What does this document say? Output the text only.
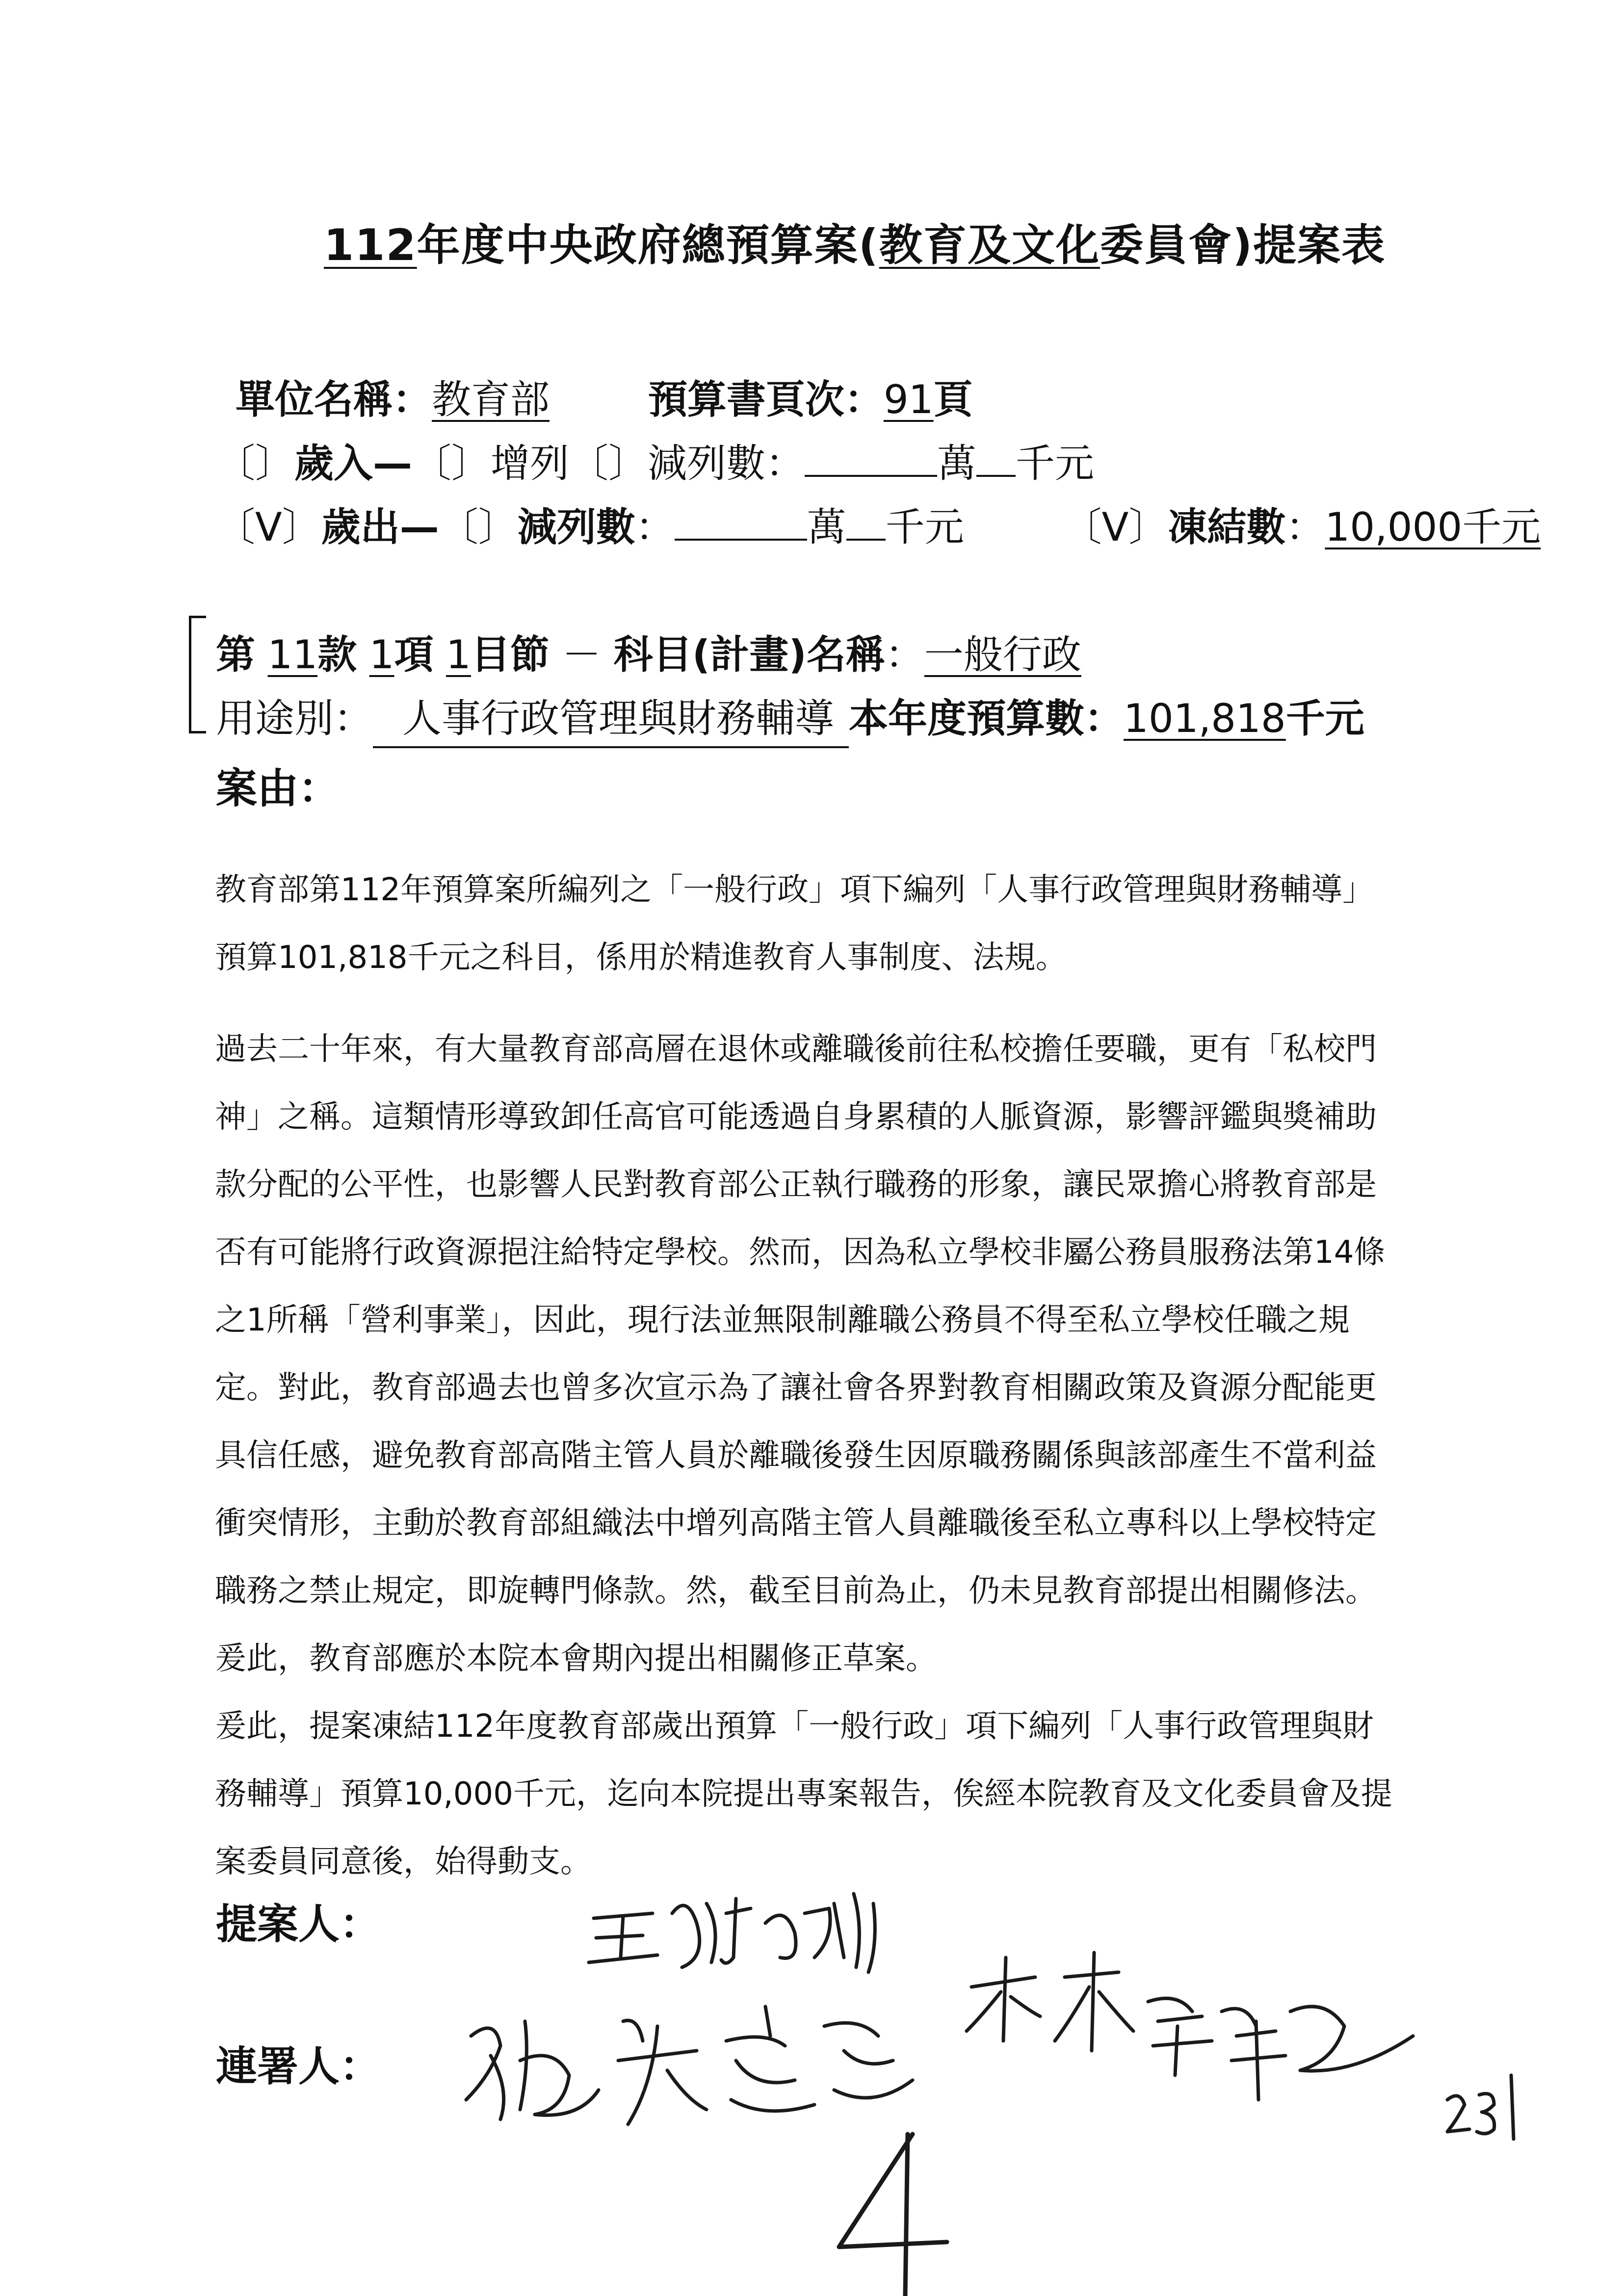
112年度中央政府總預算案(教育及文化委員會)提案表
單位名稱：教育部	預算書頁次：91頁
〔〕歲入—〔〕增列〔〕減列數：	萬 千元
〔V〕歲出—〔〕減列數：	萬 千元	〔V〕凍結數：10,000千元
第 11款 1項 1目節 － 科目(計畫)名稱：一般行政
用途別： 人事行政管理與財務輔導 本年度預算數：101,818千元
案由：
教育部第112年預算案所編列之「一般行政」項下編列「人事行政管理與財務輔導」
預算101,818千元之科目，係用於精進教育人事制度、法規。
過去二十年來，有大量教育部高層在退休或離職後前往私校擔任要職，更有「私校門
神」之稱。這類情形導致卸任高官可能透過自身累積的人脈資源，影響評鑑與獎補助
款分配的公平性，也影響人民對教育部公正執行職務的形象，讓民眾擔心將教育部是
否有可能將行政資源挹注給特定學校。然而，因為私立學校非屬公務員服務法第14條
之1所稱「營利事業」，因此，現行法並無限制離職公務員不得至私立學校任職之規
定。對此，教育部過去也曾多次宣示為了讓社會各界對教育相關政策及資源分配能更
具信任感，避免教育部高階主管人員於離職後發生因原職務關係與該部產生不當利益
衝突情形，主動於教育部組織法中增列高階主管人員離職後至私立專科以上學校特定
職務之禁止規定，即旋轉門條款。然，截至目前為止，仍未見教育部提出相關修法。
爰此，教育部應於本院本會期內提出相關修正草案。
爰此，提案凍結112年度教育部歲出預算「一般行政」項下編列「人事行政管理與財
務輔導」預算10,000千元，迄向本院提出專案報告，俟經本院教育及文化委員會及提
案委員同意後，始得動支。
提案人：
連署人：
